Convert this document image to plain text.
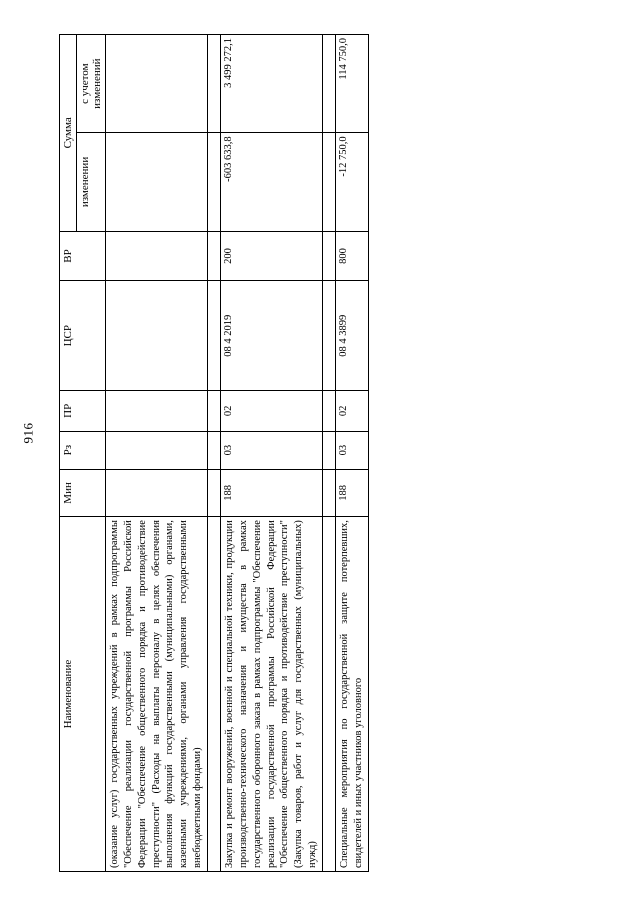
916
Наименование	Мин	Рз	ПР	ЦСР	ВР	Сумма	
						изменении	с учетом изменений
(оказание услуг) государственных учреждений в рамках подпрограммы "Обеспечение реализации государственной программы Российской Федерации "Обеспечение общественного порядка и противодействие преступности" (Расходы на выплаты персоналу в целях обеспечения выполнения функций государственными (муниципальными) органами, казенными учреждениями, органами управления государственными внебюджетными фондами)							

Закупка и ремонт вооружений, военной и специальной техники, продукции производственно-технического назначения и имущества в рамках государственного оборонного заказа в рамках подпрограммы "Обеспечение реализации государственной программы Российской Федерации "Обеспечение общественного порядка и противодействие преступности" (Закупка товаров, работ и услуг для государственных (муниципальных) нужд)	188	03	02	08 4 2019	200	-603 633,8	3 499 272,1

Специальные мероприятия по государственной защите потерпевших, свидетелей и иных участников уголовного	188	03	02	08 4 3899	800	-12 750,0	114 750,0
